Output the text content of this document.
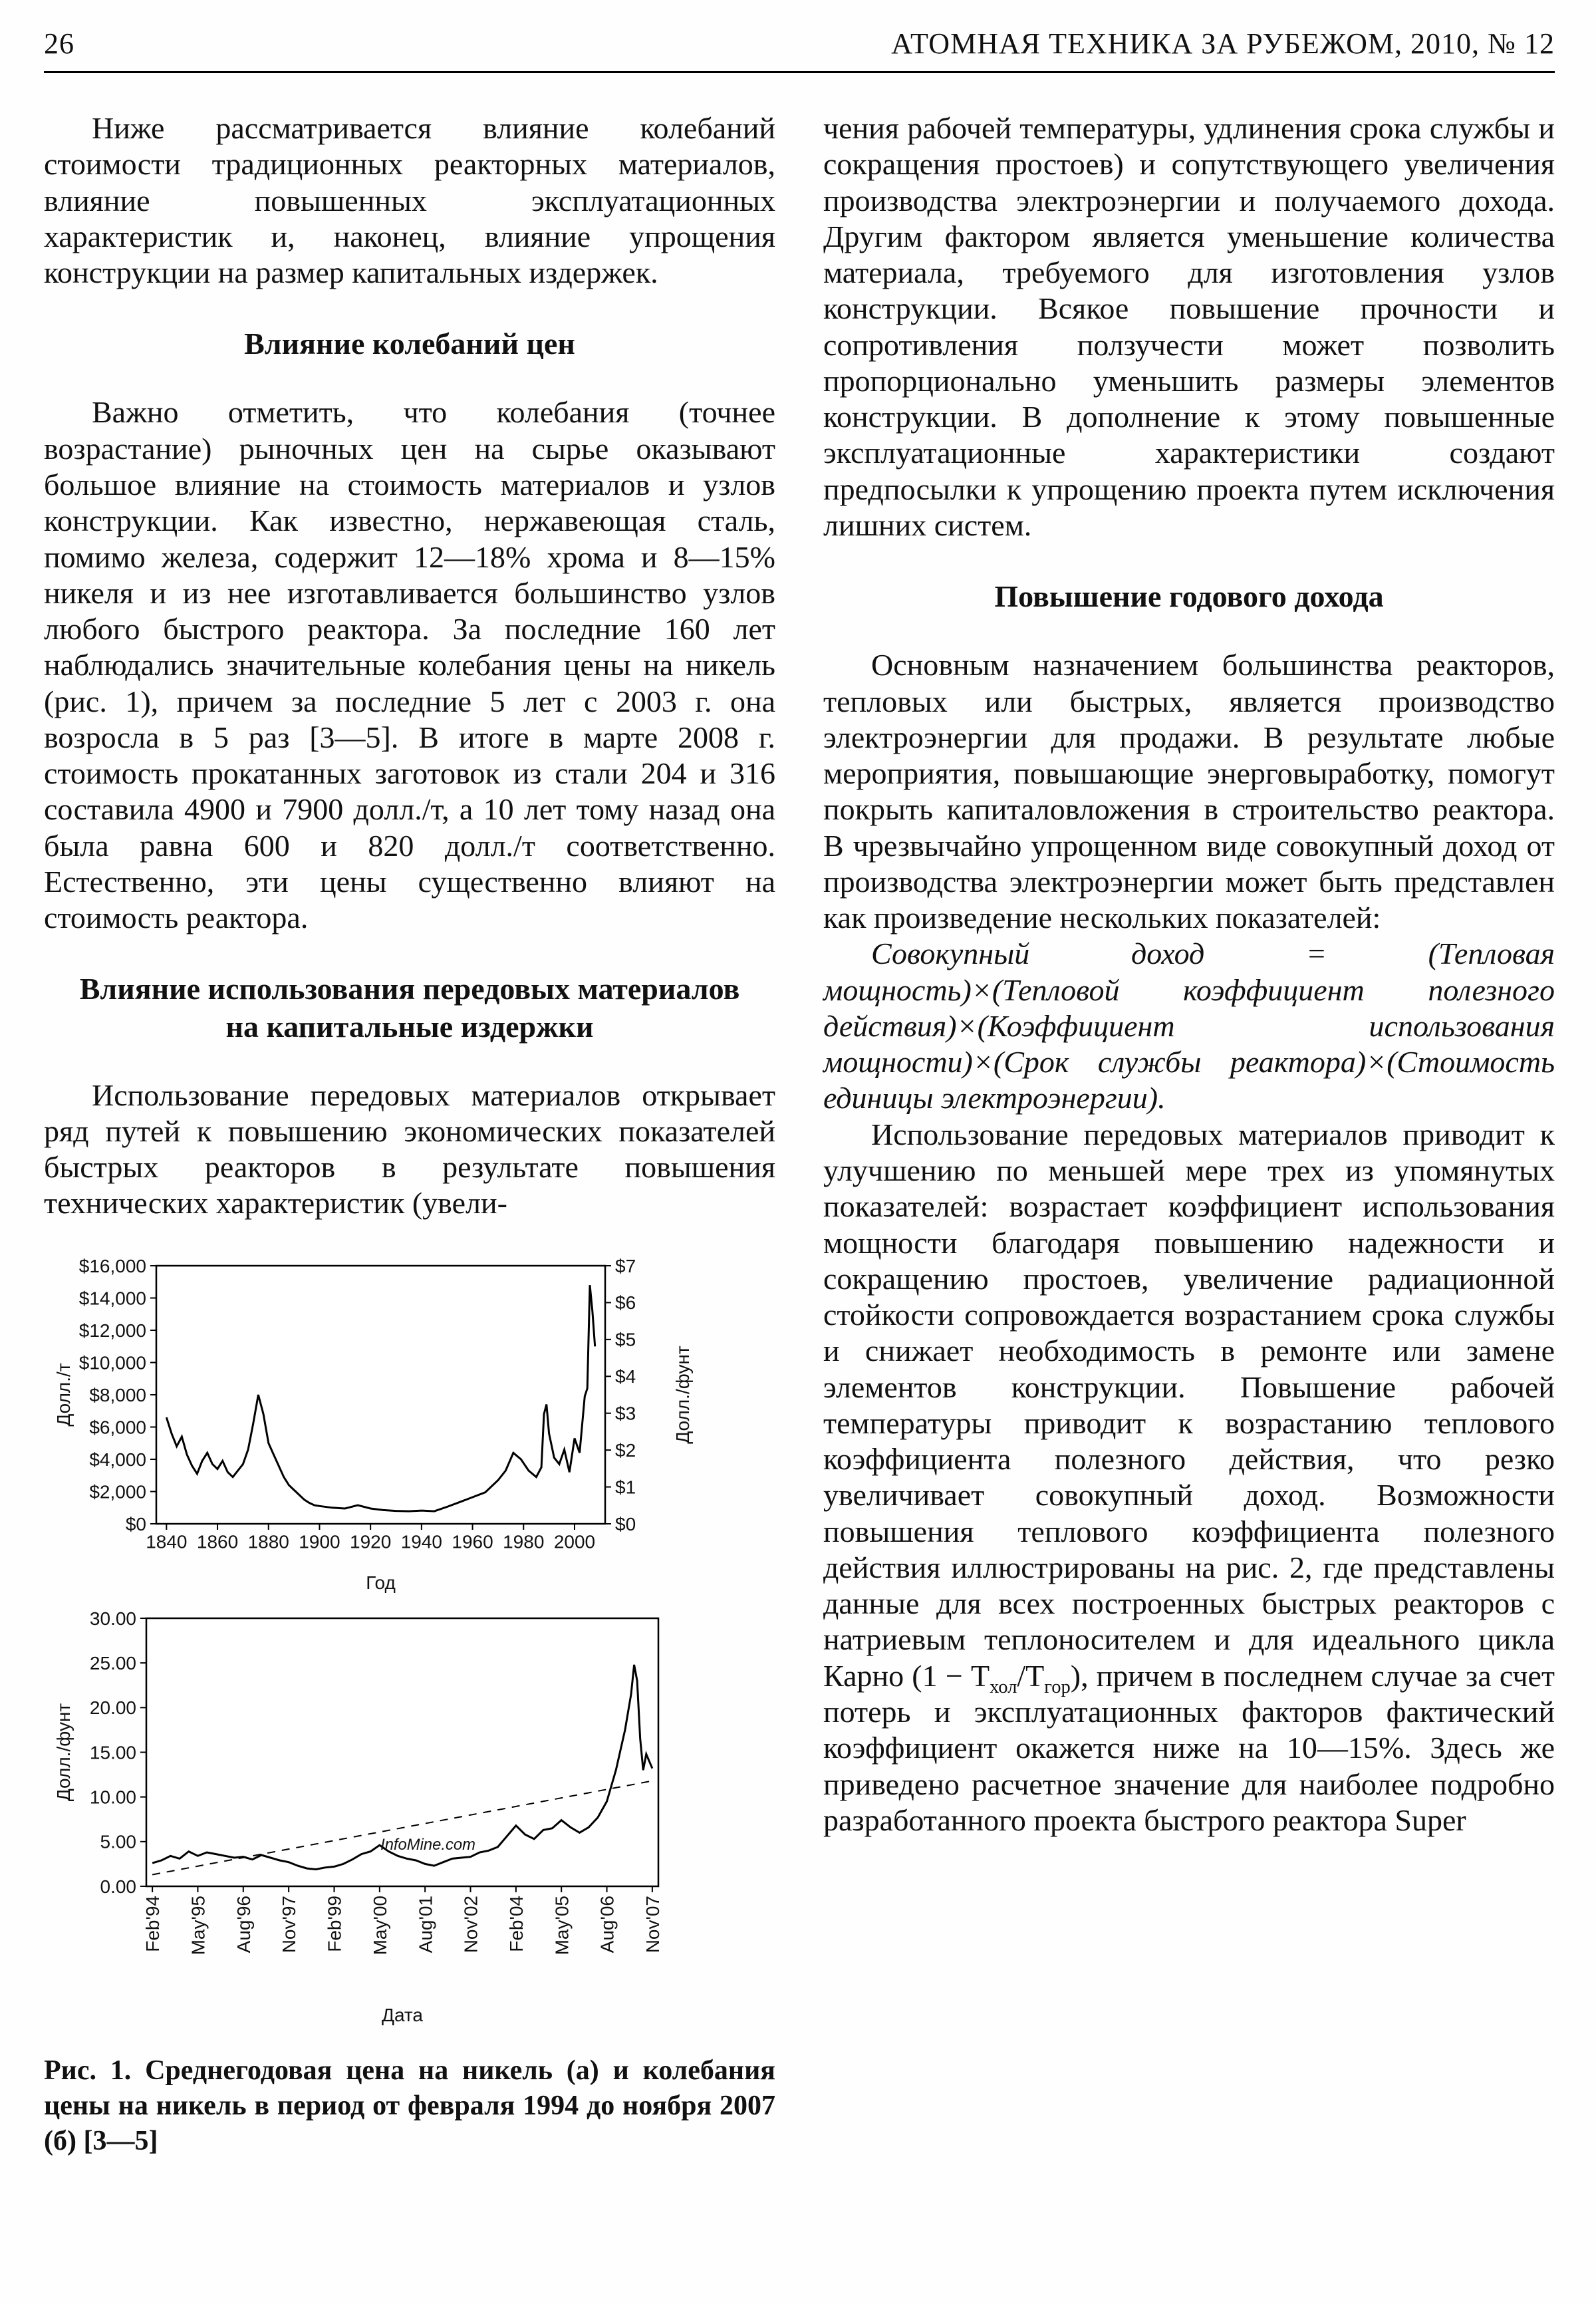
26	АТОМНАЯ ТЕХНИКА ЗА РУБЕЖОМ, 2010, № 12

Ниже рассматривается влияние колебаний стоимости традиционных реакторных материалов, влияние повышенных эксплуатационных характеристик и, наконец, влияние упрощения конструкции на размер капитальных издержек.

Влияние колебаний цен

Важно отметить, что колебания (точнее возрастание) рыночных цен на сырье оказывают большое влияние на стоимость материалов и узлов конструкции. Как известно, нержавеющая сталь, помимо железа, содержит 12—18% хрома и 8—15% никеля и из нее изготавливается большинство узлов любого быстрого реактора. За последние 160 лет наблюдались значительные колебания цены на никель (рис. 1), причем за последние 5 лет с 2003 г. она возросла в 5 раз [3—5]. В итоге в марте 2008 г. стоимость прокатанных заготовок из стали 204 и 316 составила 4900 и 7900 долл./т, а 10 лет тому назад она была равна 600 и 820 долл./т соответственно. Естественно, эти цены существенно влияют на стоимость реактора.

Влияние использования передовых материалов на капитальные издержки

Использование передовых материалов открывает ряд путей к повышению экономических показателей быстрых реакторов в результате повышения технических характеристик (увели-

$16,000
$14,000
$12,000
$10,000
$8,000
$6,000
$4,000
$2,000
$0
$7
$6
$5
$4
$3
$2
$1
$0
1840 1860 1880 1900 1920 1940 1960 1980 2000
Долл./т	Долл./фунт
Год
30.00
25.00
20.00
15.00
10.00
5.00
0.00
Feb'94 May'95 Aug'96 Nov'97 Feb'99 May'00 Aug'01 Nov'02 Feb'04 May'05 Aug'06 Nov'07
Долл./фунт
Дата
InfoMine.com
Рис. 1. Среднегодовая цена на никель (а) и колебания цены на никель в период от февраля 1994 до ноября 2007 (б) [3—5]

чения рабочей температуры, удлинения срока службы и сокращения простоев) и сопутствующего увеличения производства электроэнергии и получаемого дохода. Другим фактором является уменьшение количества материала, требуемого для изготовления узлов конструкции. Всякое повышение прочности и сопротивления ползучести может позволить пропорционально уменьшить размеры элементов конструкции. В дополнение к этому повышенные эксплуатационные характеристики создают предпосылки к упрощению проекта путем исключения лишних систем.

Повышение годового дохода

Основным назначением большинства реакторов, тепловых или быстрых, является производство электроэнергии для продажи. В результате любые мероприятия, повышающие энерговыработку, помогут покрыть капиталовложения в строительство реактора. В чрезвычайно упрощенном виде совокупный доход от производства электроэнергии может быть представлен как произведение нескольких показателей:

Совокупный доход = (Тепловая мощность)×(Тепловой коэффициент полезного действия)×(Коэффициент использования мощности)×(Срок службы реактора)×(Стоимость единицы электроэнергии).

Использование передовых материалов приводит к улучшению по меньшей мере трех из упомянутых показателей: возрастает коэффициент использования мощности благодаря повышению надежности и сокращению простоев, увеличение радиационной стойкости сопровождается возрастанием срока службы и снижает необходимость в ремонте или замене элементов конструкции. Повышение рабочей температуры приводит к возрастанию теплового коэффициента полезного действия, что резко увеличивает совокупный доход. Возможности повышения теплового коэффициента полезного действия иллюстрированы на рис. 2, где представлены данные для всех построенных быстрых реакторов с натриевым теплоносителем и для идеального цикла Карно $(1 - Т_{хол}/Т_{гор})$, причем в последнем случае за счет потерь и эксплуатационных факторов фактический коэффициент окажется ниже на 10—15%. Здесь же приведено расчетное значение для наиболее подробно разработанного проекта быстрого реактора Super
